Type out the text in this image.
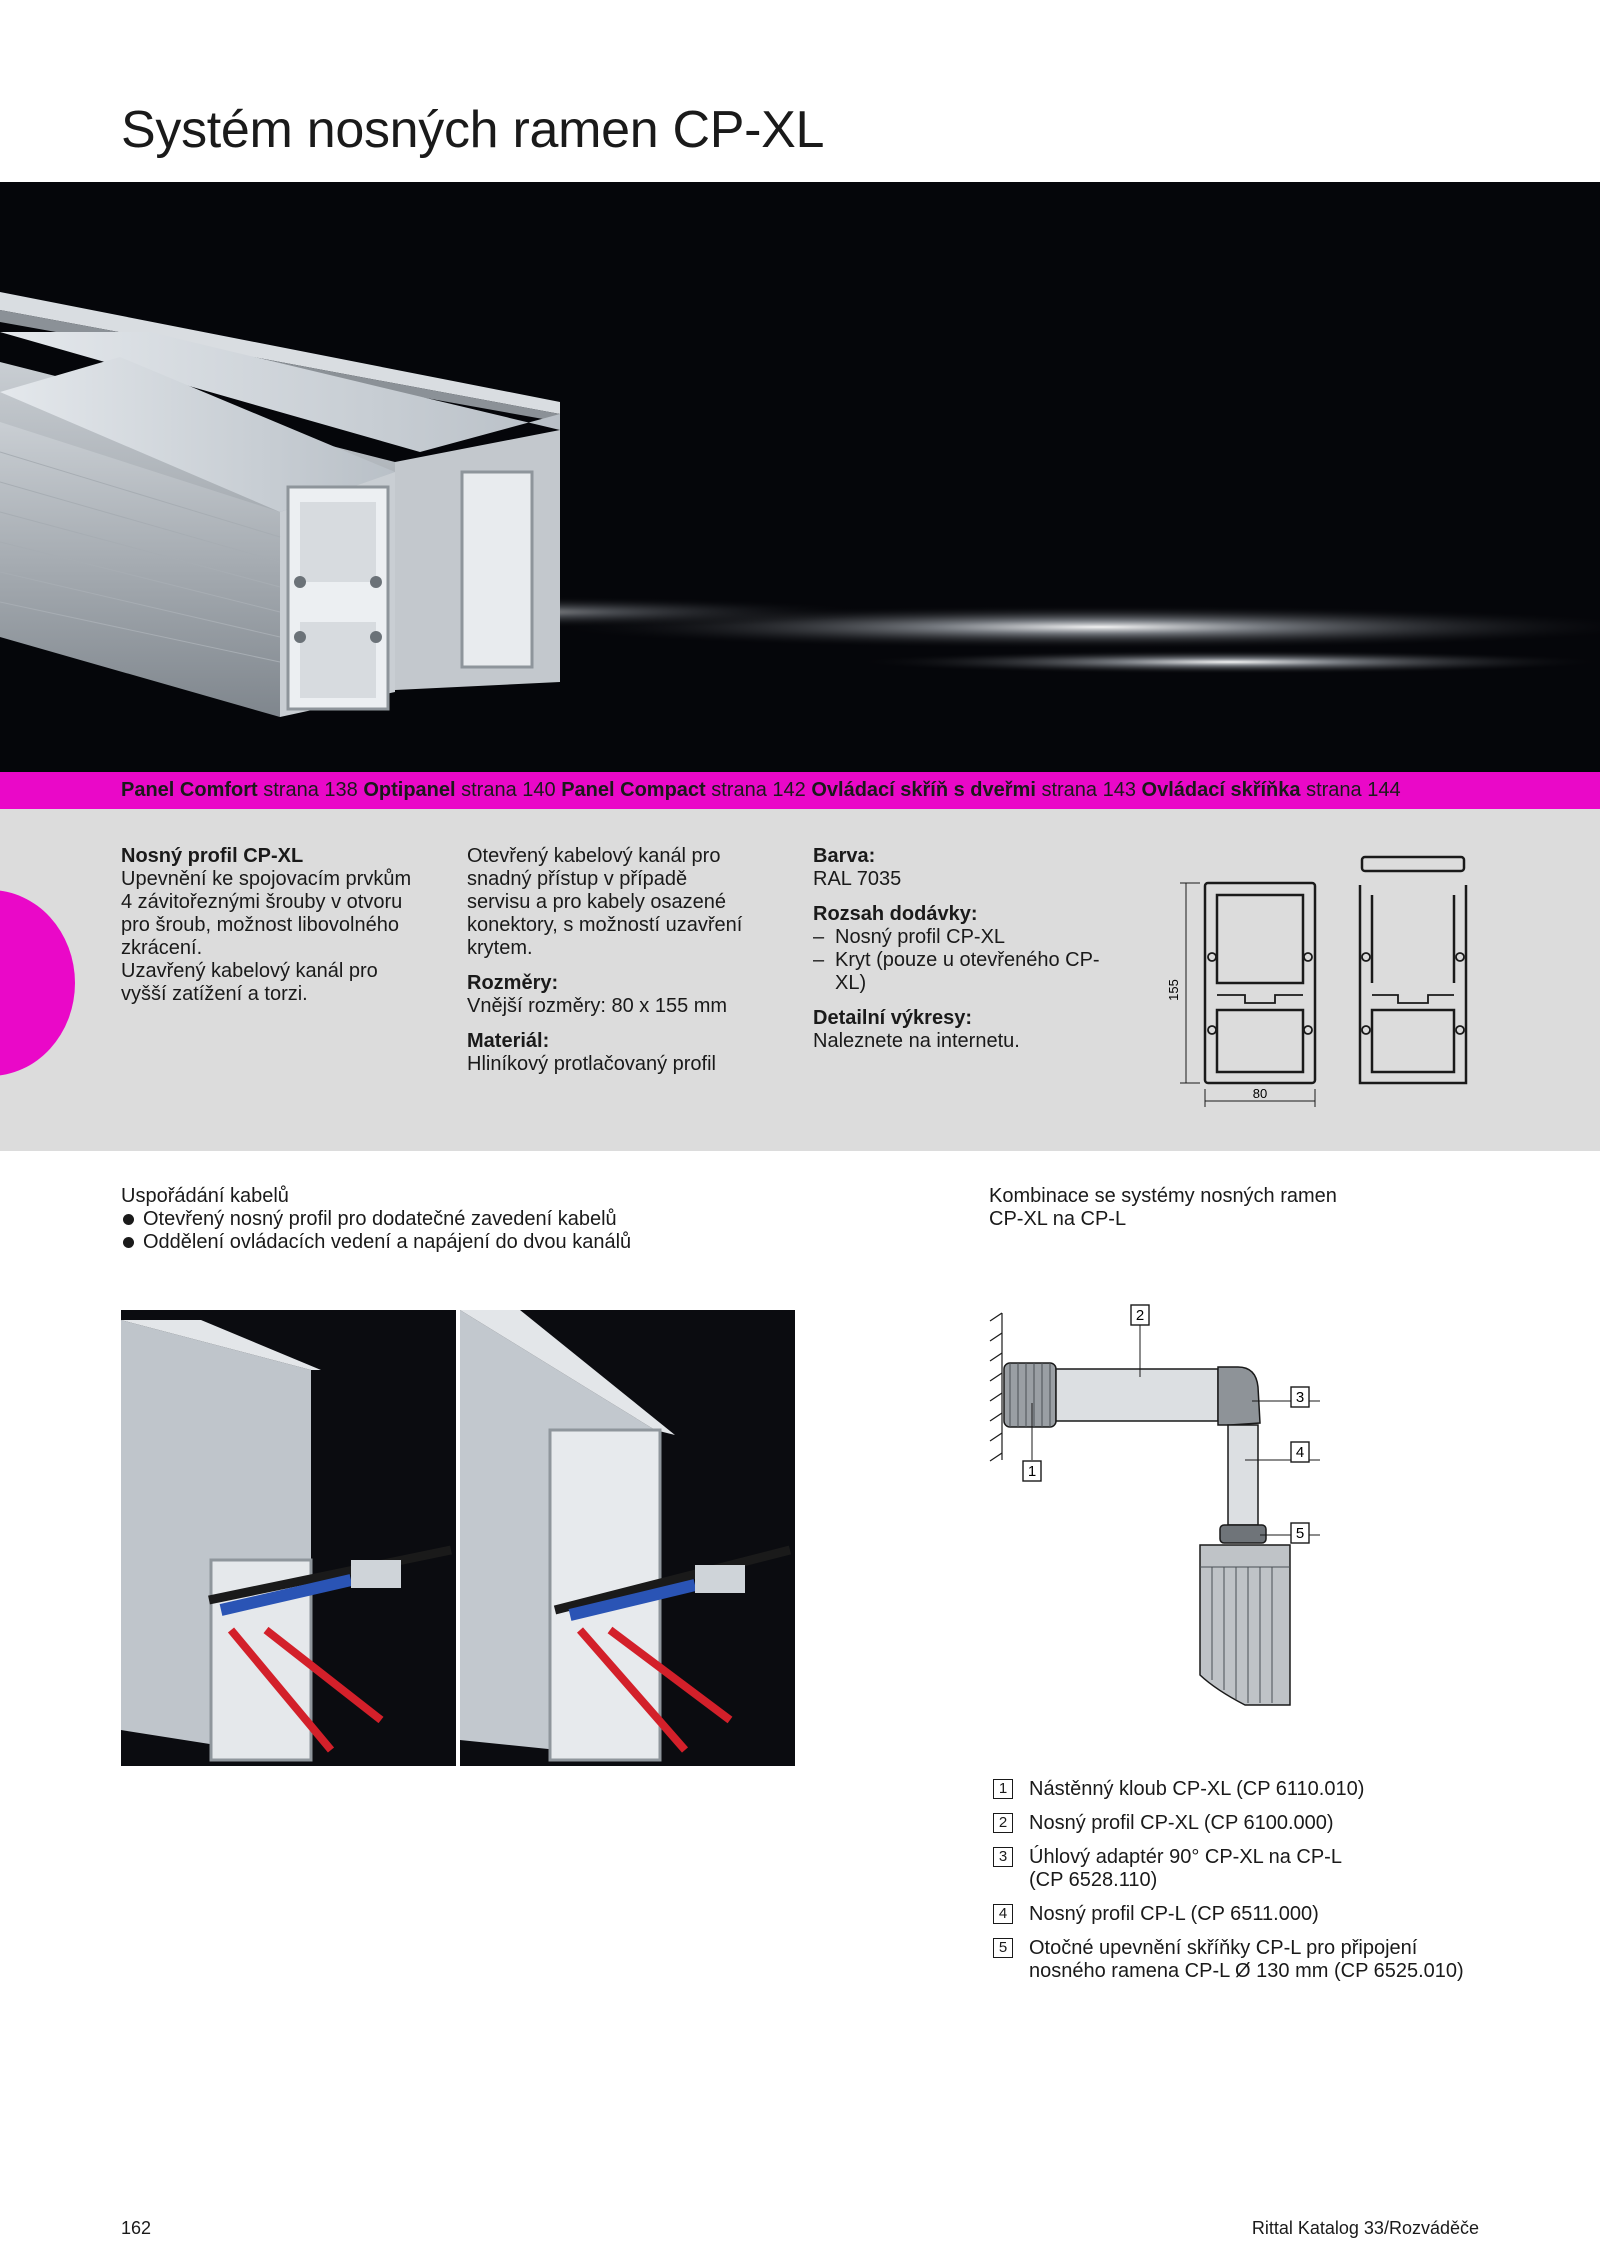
Systém nosných ramen CP-XL
Panel Comfort strana 138 Optipanel strana 140 Panel Compact strana 142 Ovládací skříň s dveřmi strana 143 Ovládací skříňka strana 144

Nosný profil CP-XL

Upevnění ke spojovacím prvkům

4 závitořeznými šrouby v otvoru

pro šroub, možnost libovolného

zkrácení.

Uzavřený kabelový kanál pro

vyšší zatížení a torzi.

Otevřený kabelový kanál pro

snadný přístup v případě

servisu a pro kabely osazené

konektory, s možností uzavření

krytem.

Rozměry:

Vnější rozměry: 80 x 155 mm

Materiál:

Hliníkový protlačovaný profil

Barva:

RAL 7035

Rozsah dodávky:

– Nosný profil CP-XL
– Kryt (pouze u otevřeného CP-XL)

Detailní výkresy:

Naleznete na internetu.

155
80

Uspořádání kabelů

Otevřený nosný profil pro dodatečné zavedení kabelů
Oddělení ovládacích vedení a napájení do dvou kanálů

Kombinace se systémy nosných ramen

CP-XL na CP-L

1
2
3
4
5
1 Nástěnný kloub CP-XL (CP 6110.010)
2 Nosný profil CP-XL (CP 6100.000)
3 Úhlový adaptér 90° CP-XL na CP-L (CP 6528.110)
4 Nosný profil CP-L (CP 6511.000)
5 Otočné upevnění skříňky CP-L pro připojení nosného ramena CP-L Ø 130 mm (CP 6525.010)
162	Rittal Katalog 33/Rozváděče
